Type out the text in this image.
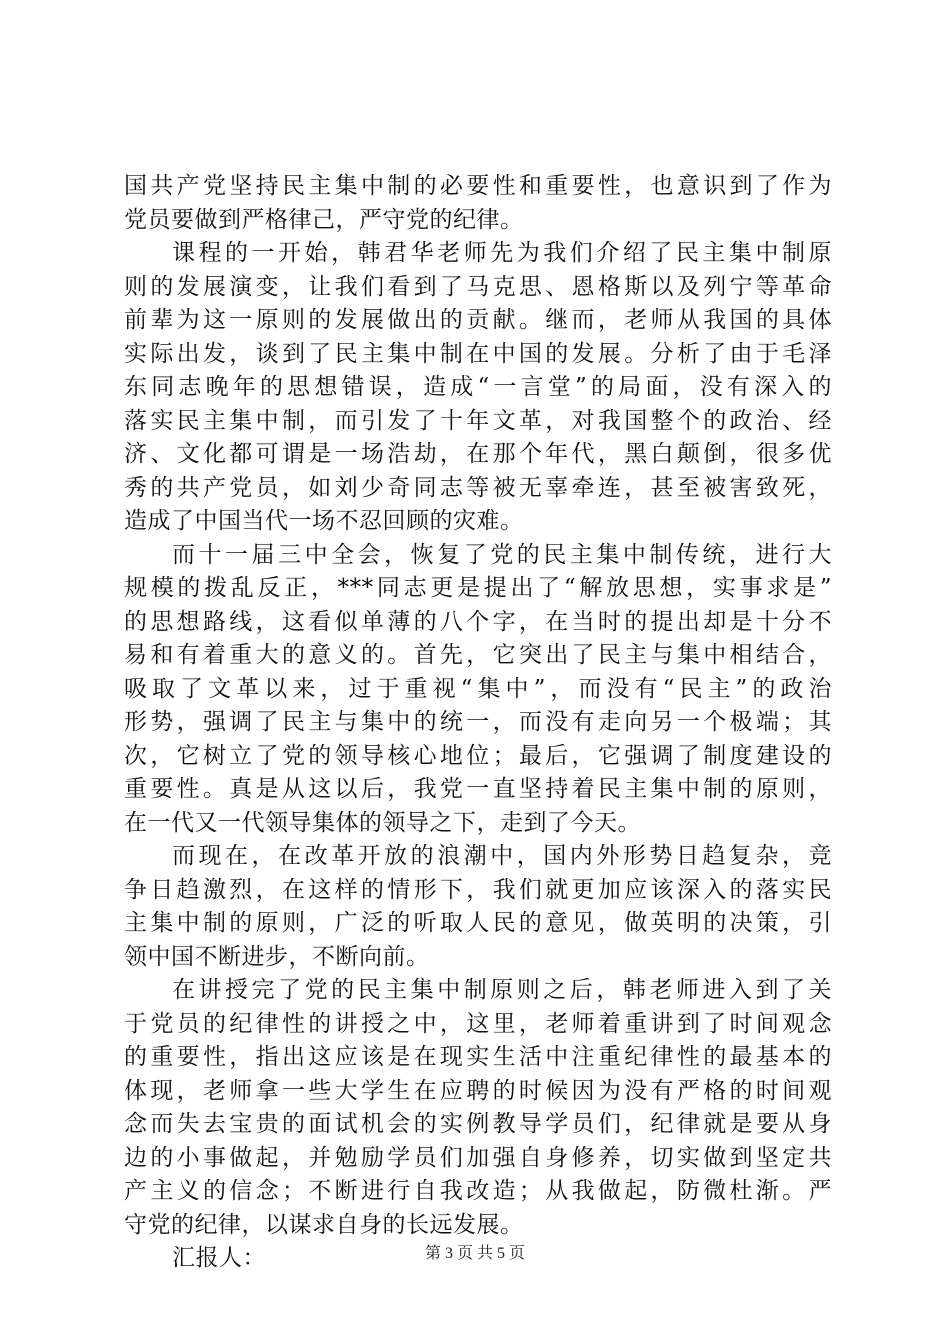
国共产党坚持民主集中制的必要性和重要性，也意识到了作为
党员要做到严格律己，严守党的纪律。
课程的一开始，韩君华老师先为我们介绍了民主集中制原
则的发展演变，让我们看到了马克思、恩格斯以及列宁等革命
前辈为这一原则的发展做出的贡献。继而，老师从我国的具体
实际出发，谈到了民主集中制在中国的发展。分析了由于毛泽
东同志晚年的思想错误，造成“一言堂”的局面，没有深入的
落实民主集中制，而引发了十年文革，对我国整个的政治、经
济、文化都可谓是一场浩劫，在那个年代，黑白颠倒，很多优
秀的共产党员，如刘少奇同志等被无辜牵连，甚至被害致死，
造成了中国当代一场不忍回顾的灾难。
而十一届三中全会，恢复了党的民主集中制传统，进行大
规模的拨乱反正，***同志更是提出了“解放思想，实事求是”
的思想路线，这看似单薄的八个字，在当时的提出却是十分不
易和有着重大的意义的。首先，它突出了民主与集中相结合，
吸取了文革以来，过于重视“集中”，而没有“民主”的政治
形势，强调了民主与集中的统一，而没有走向另一个极端；其
次，它树立了党的领导核心地位；最后，它强调了制度建设的
重要性。真是从这以后，我党一直坚持着民主集中制的原则，
在一代又一代领导集体的领导之下，走到了今天。
而现在，在改革开放的浪潮中，国内外形势日趋复杂，竞
争日趋激烈，在这样的情形下，我们就更加应该深入的落实民
主集中制的原则，广泛的听取人民的意见，做英明的决策，引
领中国不断进步，不断向前。
在讲授完了党的民主集中制原则之后，韩老师进入到了关
于党员的纪律性的讲授之中，这里，老师着重讲到了时间观念
的重要性，指出这应该是在现实生活中注重纪律性的最基本的
体现，老师拿一些大学生在应聘的时候因为没有严格的时间观
念而失去宝贵的面试机会的实例教导学员们，纪律就是要从身
边的小事做起，并勉励学员们加强自身修养，切实做到坚定共
产主义的信念；不断进行自我改造；从我做起，防微杜渐。严
守党的纪律，以谋求自身的长远发展。
汇报人：	第 3 页 共 5 页
